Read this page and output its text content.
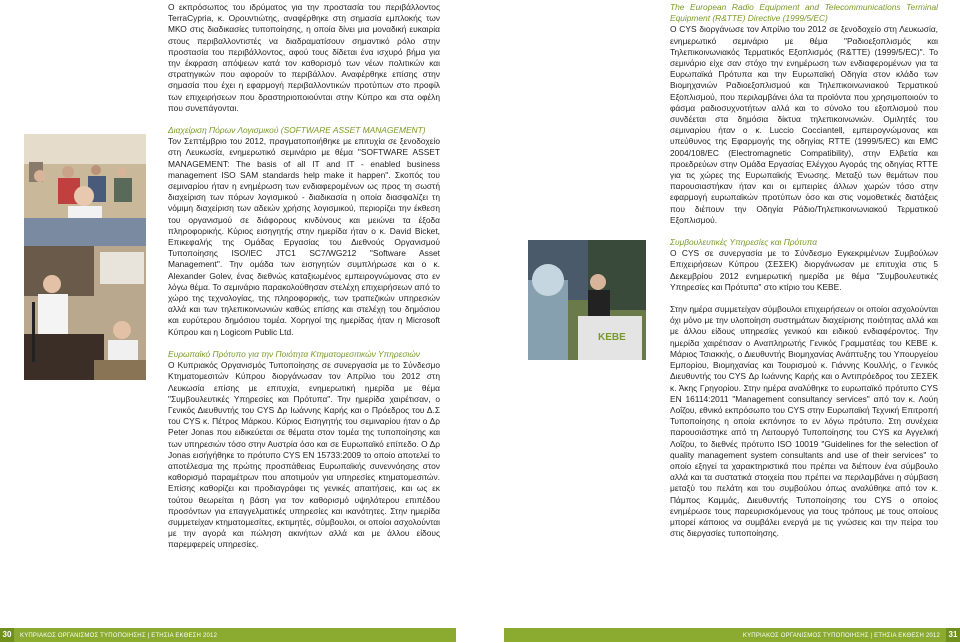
Ο εκπρόσωπος του ιδρύματος για την προστασία του περιβάλλοντος TerraCypria, κ. Ορουντιώτης, αναφέρθηκε στη σημασία εμπλοκής των ΜΚΟ στις διαδικασίες τυποποίησης, η οποία δίνει μια μοναδική ευκαιρία στους περιβαλλοντιστές να διαδραματίσουν σημαντικό ρόλο στην προστασία του περιβάλλοντος, αφού τους δίδεται ένα ισχυρό βήμα για την έκφραση απόψεων κατά τον καθορισμό των νέων πολιτικών και στρατηγικών που αφορούν το περιβάλλον. Αναφέρθηκε επίσης στην σημασία που έχει η εφαρμογή περιβαλλοντικών προτύπων στο προφίλ των επιχειρήσεων που δραστηριοποιούνται στην Κύπρο και στα οφέλη που συνεπάγονται.

Διαχείριση Πόρων Λογισμικού (SOFTWARE ASSET MANAGEMENT)

Τον Σεπτέμβριο του 2012, πραγματοποιήθηκε με επιτυχία σε ξενοδοχείο στη Λευκωσία, ενημερωτικό σεμινάριο με θέμα "SOFTWARE ASSET MANAGEMENT: The basis of all IT and IT - enabled business management ISO SAM standards help make it happen". Σκοπός του σεμιναρίου ήταν η ενημέρωση των ενδιαφερομένων ως προς τη σωστή διαχείριση των πόρων λογισμικού - διαδικασία η οποία διασφαλίζει τη νόμιμη διαχείριση των αδειών χρήσης λογισμικού, περιορίζει την έκθεση του οργανισμού σε διάφορους κινδύνους και μειώνει τα έξοδα πληροφορικής. Κύριος εισηγητής στην ημερίδα ήταν ο κ. David Bicket, Επικεφαλής της Ομάδας Εργασίας του Διεθνούς Οργανισμού Τυποποίησης ISO/IEC JTC1 SC7/WG212 "Software Asset Management". Την ομάδα των εισηγητών συμπλήρωσε και ο κ. Alexander Golev, ένας διεθνώς καταξιωμένος εμπειρογνώμονας στο εν λόγω θέμα. Το σεμινάριο παρακολούθησαν στελέχη επιχειρήσεων από το χώρο της τεχνολογίας, της πληροφορικής, των τραπεζικών υπηρεσιών αλλά και των τηλεπικοινωνιών καθώς επίσης και στελέχη του δημόσιου και ευρύτερου δημόσιου τομέα. Χορηγοί της ημερίδας ήταν η Microsoft Κύπρου και η Logicom Public Ltd.

Ευρωπαϊκό Πρότυπο για την Ποιότητα Κτηματομεσιτικών Υπηρεσιών

Ο Κυπριακός Οργανισμός Τυποποίησης σε συνεργασία με το Σύνδεσμο Κτηματομεσιτών Κύπρου διοργάνωσαν τον Απρίλιο του 2012 στη Λευκωσία επίσης με επιτυχία, ενημερωτική ημερίδα με θέμα "Συμβουλευτικές Υπηρεσίες και Πρότυπα". Την ημερίδα χαιρέτισαν, ο Γενικός Διευθυντής του CYS Δρ Ιωάννης Καρής και ο Πρόεδρος του Δ.Σ του CYS κ. Πέτρος Μάρκου. Κύριος Εισηγητής του σεμιναρίου ήταν ο Δρ Peter Jonas που ειδικεύεται σε θέματα στον τομέα της τυποποίησης και των υπηρεσιών τόσο στην Αυστρία όσο και σε Ευρωπαϊκό επίπεδο. Ο Δρ Jonas εισήγήθηκε το πρότυπο CYS EN 15733:2009 το οποίο αποτελεί το αποτέλεσμα της πρώτης προσπάθειας Ευρωπαϊκής συνεννόησης στον καθορισμό παραμέτρων που αποτιμούν για υπηρεσίες κτηματομεσιτών. Επίσης καθορίζει και προδιαγράφει τις γενικές απαιτήσεις, και ως εκ τούτου θεωρείται η βάση για τον καθορισμό υψηλότερου επιπέδου προσόντων για επαγγελματικές υπηρεσίες και ικανότητες. Στην ημερίδα συμμετείχαν κτηματομεσίτες, εκτιμητές, σύμβουλοι, οι οποίοι ασχολούνται με την αγορά και πώληση ακινήτων αλλά και με άλλου είδους παρεμφερείς υπηρεσίες.

30 ΚΥΠΡΙΑΚΟΣ ΟΡΓΑΝΙΣΜΟΣ ΤΥΠΟΠΟΙΗΣΗΣ | ΕΤΗΣΙΑ ΕΚΘΕΣΗ 2012
ΚΕΒΕ

The European Radio Equipment and Telecommunications Terminal Equipment (R&TTE) Directive (1999/5/EC)

Ο CYS διοργάνωσε τον Απρίλιο του 2012 σε ξενοδοχείο στη Λευκωσία, ενημερωτικό σεμινάριο με θέμα "Ραδιοεξοπλισμός και Τηλεπικοινωνιακός Τερματικός Εξοπλισμός (R&TTE) (1999/5/EC)". Το σεμινάριο είχε σαν στόχο την ενημέρωση των ενδιαφερομένων για τα Ευρωπαϊκά Πρότυπα και την Ευρωπαϊκή Οδηγία στον κλάδο των Βιομηχανιών Ραδιοεξοπλισμού και Τηλεπικοινωνιακού Τερματικού Εξοπλισμού, που περιλαμβάνει όλα τα προϊόντα που χρησιμοποιούν το φάσμα ραδιοσυχνοτήτων αλλά και το σύνολο του εξοπλισμού που συνδέεται στα δημόσια δίκτυα τηλεπικοινωνιών. Ομιλητές του σεμιναρίου ήταν ο κ. Luccio Cocciantell, εμπειρογνώμονας και υπεύθυνος της Εφαρμογής της οδηγίας RTTE (1999/5/EC) και EMC 2004/108/EC (Electromagnetic Compatibility), στην Ελβετία και προεδρεύων στην Ομάδα Εργασίας Ελέγχου Αγοράς της οδηγίας RTTE για τις χώρες της Ευρωπαϊκής Ένωσης. Μεταξύ των θεμάτων που παρουσιαστήκαν ήταν και οι εμπειρίες άλλων χωρών τόσο στην εφαρμογή ευρωπαϊκών προτύπων όσο και στις νομοθετικές διατάξεις που διέπουν την Οδηγία Ράδιο/Τηλεπικοινωνιακού Τερματικού Εξοπλισμού.

Συμβουλευτικές Υπηρεσίες και Πρότυπα

Ο CYS σε συνεργασία με το Σύνδεσμο Εγκεκριμένων Συμβούλων Επιχειρήσεων Κύπρου (ΣΕΣΕΚ) διοργάνωσαν με επιτυχία στις 5 Δεκεμβρίου 2012 ενημερωτική ημερίδα με θέμα "Συμβουλευτικές Υπηρεσίες και Πρότυπα" στο κτίριο του ΚΕΒΕ.

Στην ημέρα συμμετείχαν σύμβουλοι επιχειρήσεων οι οποίοι ασχολούνται όχι μόνο με την υλοποίηση συστημάτων διαχείρισης ποιότητας αλλά και με άλλου είδους υπηρεσίες γενικού και ειδικού ενδιαφέροντος. Την ημερίδα χαιρέτισαν ο Αναπληρωτής Γενικός Γραμματέας του ΚΕΒΕ κ. Μάριος Τσιακκής, ο Διευθυντής Βιομηχανίας Ανάπτυξης του Υπουργείου Εμπορίου, Βιομηχανίας και Τουρισμού κ. Γιάννης Κουλλής, ο Γενικός Διευθυντής του CYS Δρ Ιωάννης Καρής και ο Αντιπρόεδρος του ΣΕΣΕΚ κ. Άκης Γρηγορίου. Στην ημέρα αναλύθηκε το ευρωπαϊκό πρότυπο CYS EN 16114:2011 "Management consultancy services" από τον κ. Λούη Λοΐζου, εθνικό εκπρόσωπο του CYS στην Ευρωπαϊκή Τεχνική Επιτροπή Τυποποίησης η οποία εκπόνησε το εν λόγω πρότυπο. Στη συνέχεια παρουσιάστηκε από τη Λειτουργό Τυποποίησης του CYS κα Αγγελική Λοΐζου, το διεθνές πρότυπο ISO 10019 "Guidelines for the selection of quality management system consultants and use of their services" το οποίο εξηγεί τα χαρακτηριστικά που πρέπει να διέπουν ένα σύμβουλο αλλά και τα συστατικά στοιχεία που πρέπει να περιλαμβάνει η σύμβαση μεταξύ του πελάτη και του συμβούλου όπως αναλύθηκε από τον κ. Πάμπος Καμμάς, Διευθυντής Τυποποίησης του CYS ο οποίος ενημέρωσε τους παρευρισκόμενους για τους τρόπους με τους οποίους μπορεί κάποιος να συμβάλει ενεργά με τις γνώσεις και την πείρα του στις διεργασίες τυποποίησης.

ΚΥΠΡΙΑΚΟΣ ΟΡΓΑΝΙΣΜΟΣ ΤΥΠΟΠΟΙΗΣΗΣ | ΕΤΗΣΙΑ ΕΚΘΕΣΗ 2012 31
